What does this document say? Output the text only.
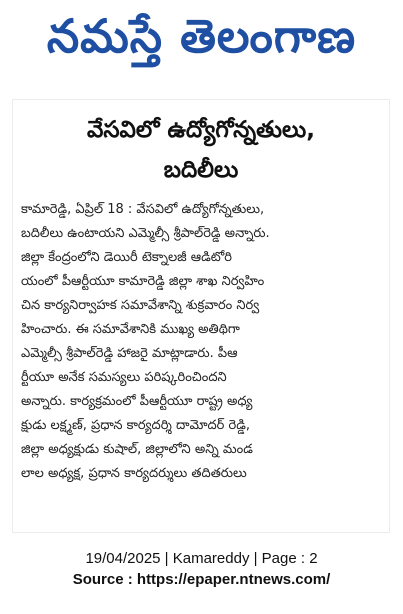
నమస్తే తెలంగాణ
వేసవిలో ఉద్యోగోన్నతులు,
బదిలీలు
కామారెడ్డి, ఏప్రిల్ 18 : వేసవిలో ఉద్యోగోన్నతులు,
బదిలీలు ఉంటాయని ఎమ్మెల్సీ శ్రీపాల్‌రెడ్డి అన్నారు.
జిల్లా కేంద్రంలోని డెయిరీ టెక్నాలజీ ఆడిటోరి
యంలో పీఆర్టీయూ కామారెడ్డి జిల్లా శాఖ నిర్వహిం
చిన కార్యనిర్వాహక సమావేశాన్ని శుక్రవారం నిర్వ
హించారు. ఈ సమావేశానికి ముఖ్య అతిథిగా
ఎమ్మెల్సీ శ్రీపాల్‌రెడ్డి హాజరై మాట్లాడారు. పీఆ
ర్టీయూ అనేక సమస్యలు పరిష్కరించిందని
అన్నారు. కార్యక్రమంలో పీఆర్టీయూ రాష్ట్ర అధ్య
క్షుడు లక్ష్మణ్, ప్రధాన కార్యదర్శి దామోదర్ రెడ్డి,
జిల్లా అధ్యక్షుడు కుషాల్, జిల్లాలోని అన్ని మండ
లాల అధ్యక్ష, ప్రధాన కార్యదర్శులు తదితరులు
19/04/2025 | Kamareddy | Page : 2
Source : https://epaper.ntnews.com/
